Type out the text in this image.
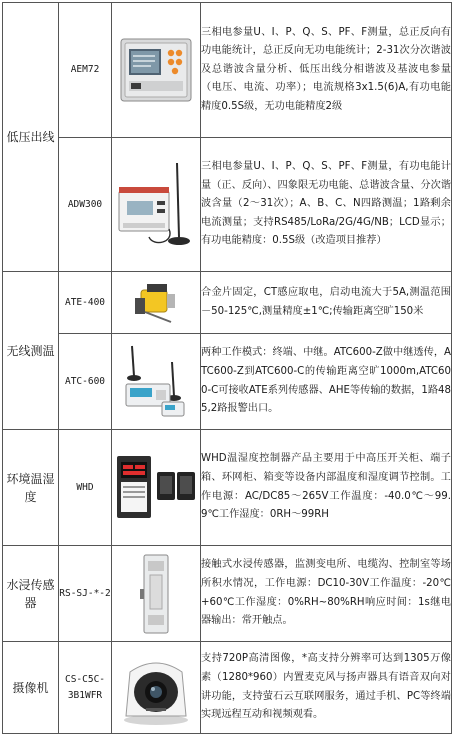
低压出线	AEM72		三相电参量U、I、P、Q、S、PF、F测量，总正反向有功电能统计，总正反向无功电能统计；2-31次分次谐波及总谐波含量分析、低压出线分相谐波及基波电参量（电压、电流、功率）；电流规格3x1.5(6)A,有功电能精度0.5S级，无功电能精度2级
	ADW300		三相电参量U、I、P、Q、S、PF、F测量，有功电能计量（正、反向）、四象限无功电能、总谐波含量、分次谐波含量（2～31次）；A、B、C、N四路测温；1路剩余电流测量；支持RS485/LoRa/2G/4G/NB；LCD显示；有功电能精度：0.5S级（改造项目推荐）
无线测温	ATE-400		合金片固定，CT感应取电，启动电流大于5A,测温范围－50-125℃,测量精度±1℃;传输距离空旷150米
	ATC-600		两种工作模式：终端、中继。ATC600-Z做中继透传，ATC600-Z到ATC600-C的传输距离空旷1000m,ATC600-C可接收ATE系列传感器、AHE等传输的数据，1路485,2路报警出口。
环境温湿度	WHD		WHD温湿度控制器产品主要用于中高压开关柜、端子箱、环网柜、箱变等设备内部温度和湿度调节控制。工作电源：AC/DC85～265V工作温度：-40.0℃～99.9℃工作湿度：0RH～99RH
水浸传感器	RS-SJ-*-2		接触式水浸传感器，监测变电所、电缆沟、控制室等场所积水情况，工作电源：DC10-30V工作温度：-20℃+60℃工作湿度：0%RH~80%RH响应时间：1s继电器输出：常开触点。
摄像机	CS-C5C-3B1WFR		支持720P高清图像，*高支持分辨率可达到1305万像素（1280*960）内置麦克风与扬声器具有语音双向对讲功能，支持萤石云互联网服务，通过手机、PC等终端实现远程互动和视频观看。
